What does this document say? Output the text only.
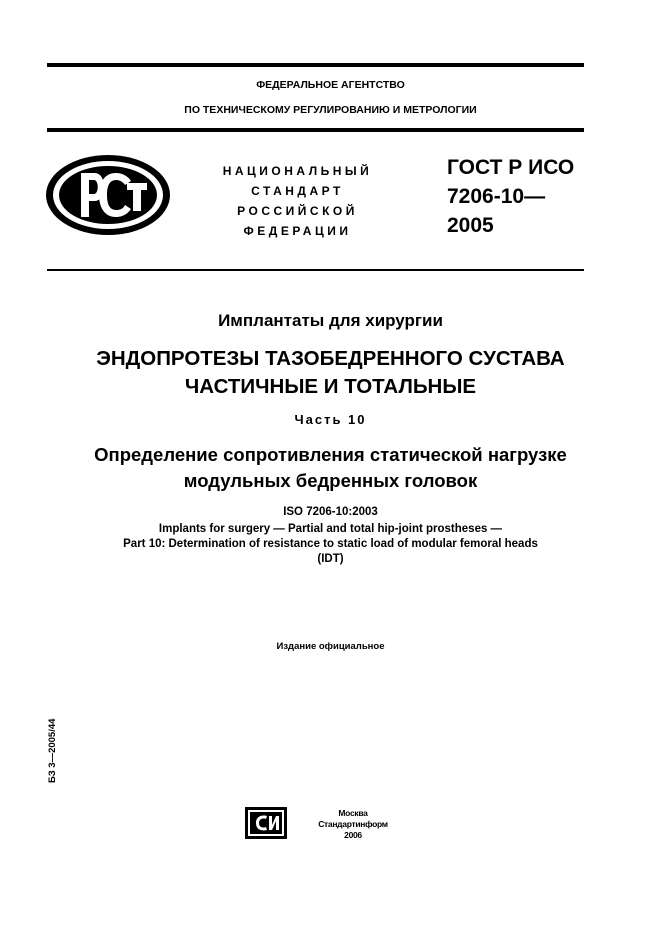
ФЕДЕРАЛЬНОЕ АГЕНТСТВО
ПО ТЕХНИЧЕСКОМУ РЕГУЛИРОВАНИЮ И МЕТРОЛОГИИ
НАЦИОНАЛЬНЫЙ
СТАНДАРТ
РОССИЙСКОЙ
ФЕДЕРАЦИИ
ГОСТ Р ИСО
7206-10—
2005
Имплантаты для хирургии
ЭНДОПРОТЕЗЫ ТАЗОБЕДРЕННОГО СУСТАВА
ЧАСТИЧНЫЕ И ТОТАЛЬНЫЕ
Часть 10
Определение сопротивления статической нагрузке
модульных бедренных головок
ISO 7206-10:2003
Implants for surgery — Partial and total hip-joint prostheses —
Part 10: Determination of resistance to static load of modular femoral heads
(IDT)
Издание официальное
БЗ 3—2005/44
Москва
Стандартинформ
2006
